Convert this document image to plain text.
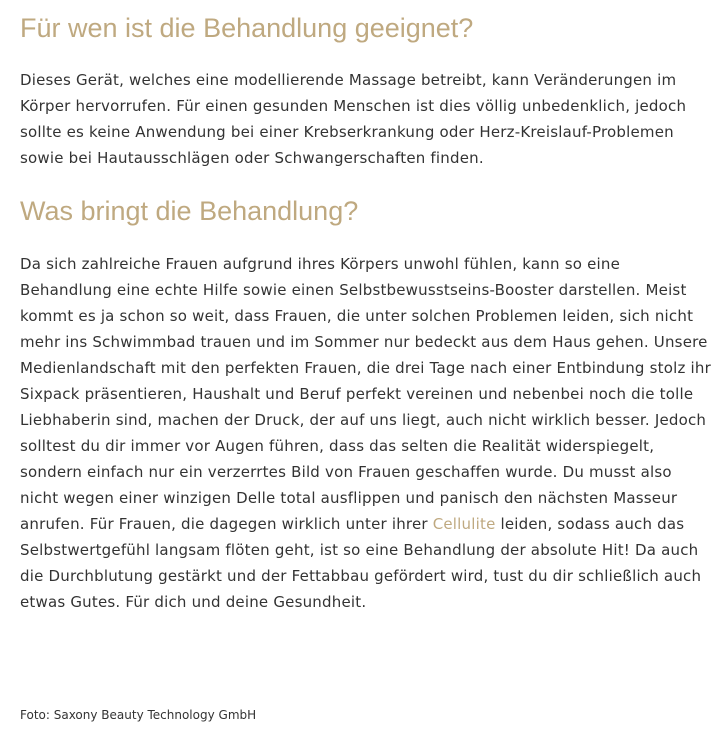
Für wen ist die Behandlung geeignet?

Dieses Gerät, welches eine modellierende Massage betreibt, kann Veränderungen im Körper hervorrufen. Für einen gesunden Menschen ist dies völlig unbedenklich, jedoch sollte es keine Anwendung bei einer Krebserkrankung oder Herz-Kreislauf-Problemen sowie bei Hautausschlägen oder Schwangerschaften finden.

Was bringt die Behandlung?

Da sich zahlreiche Frauen aufgrund ihres Körpers unwohl fühlen, kann so eine Behandlung eine echte Hilfe sowie einen Selbstbewusstseins-Booster darstellen. Meist kommt es ja schon so weit, dass Frauen, die unter solchen Problemen leiden, sich nicht mehr ins Schwimmbad trauen und im Sommer nur bedeckt aus dem Haus gehen. Unsere Medienlandschaft mit den perfekten Frauen, die drei Tage nach einer Entbindung stolz ihr Sixpack präsentieren, Haushalt und Beruf perfekt vereinen und nebenbei noch die tolle Liebhaberin sind, machen der Druck, der auf uns liegt, auch nicht wirklich besser. Jedoch solltest du dir immer vor Augen führen, dass das selten die Realität widerspiegelt, sondern einfach nur ein verzerrtes Bild von Frauen geschaffen wurde. Du musst also nicht wegen einer winzigen Delle total ausflippen und panisch den nächsten Masseur anrufen. Für Frauen, die dagegen wirklich unter ihrer Cellulite leiden, sodass auch das Selbstwertgefühl langsam flöten geht, ist so eine Behandlung der absolute Hit! Da auch die Durchblutung gestärkt und der Fettabbau gefördert wird, tust du dir schließlich auch etwas Gutes. Für dich und deine Gesundheit.

Foto: Saxony Beauty Technology GmbH
